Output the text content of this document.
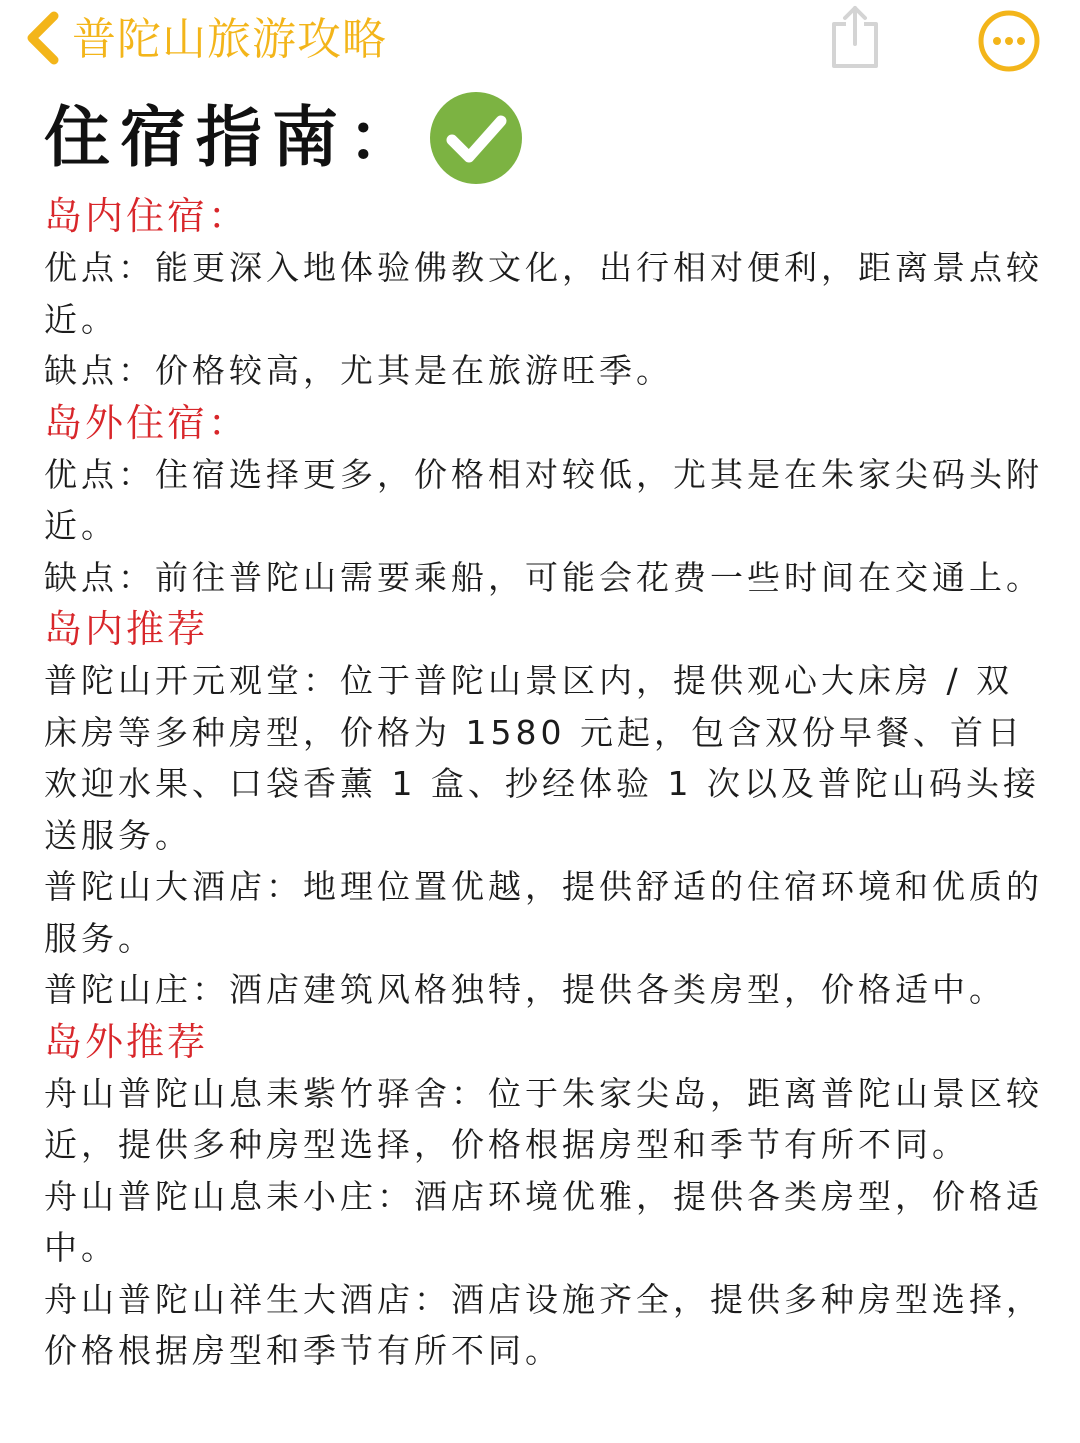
普陀山旅游攻略
住宿指南：

岛内住宿：

优点：能更深入地体验佛教文化，出行相对便利，距离景点较近。

缺点：价格较高，尤其是在旅游旺季。

岛外住宿：

优点：住宿选择更多，价格相对较低，尤其是在朱家尖码头附近。

缺点：前往普陀山需要乘船，可能会花费一些时间在交通上。

岛内推荐

普陀山开元观堂：位于普陀山景区内，提供观心大床房 / 双床房等多种房型，价格为 1580 元起，包含双份早餐、首日欢迎水果、口袋香薰 1 盒、抄经体验 1 次以及普陀山码头接送服务。

普陀山大酒店：地理位置优越，提供舒适的住宿环境和优质的服务。

普陀山庄：酒店建筑风格独特，提供各类房型，价格适中。

岛外推荐

舟山普陀山息耒紫竹驿舍：位于朱家尖岛，距离普陀山景区较近，提供多种房型选择，价格根据房型和季节有所不同。

舟山普陀山息耒小庄：酒店环境优雅，提供各类房型，价格适中。

舟山普陀山祥生大酒店：酒店设施齐全，提供多种房型选择，价格根据房型和季节有所不同。
